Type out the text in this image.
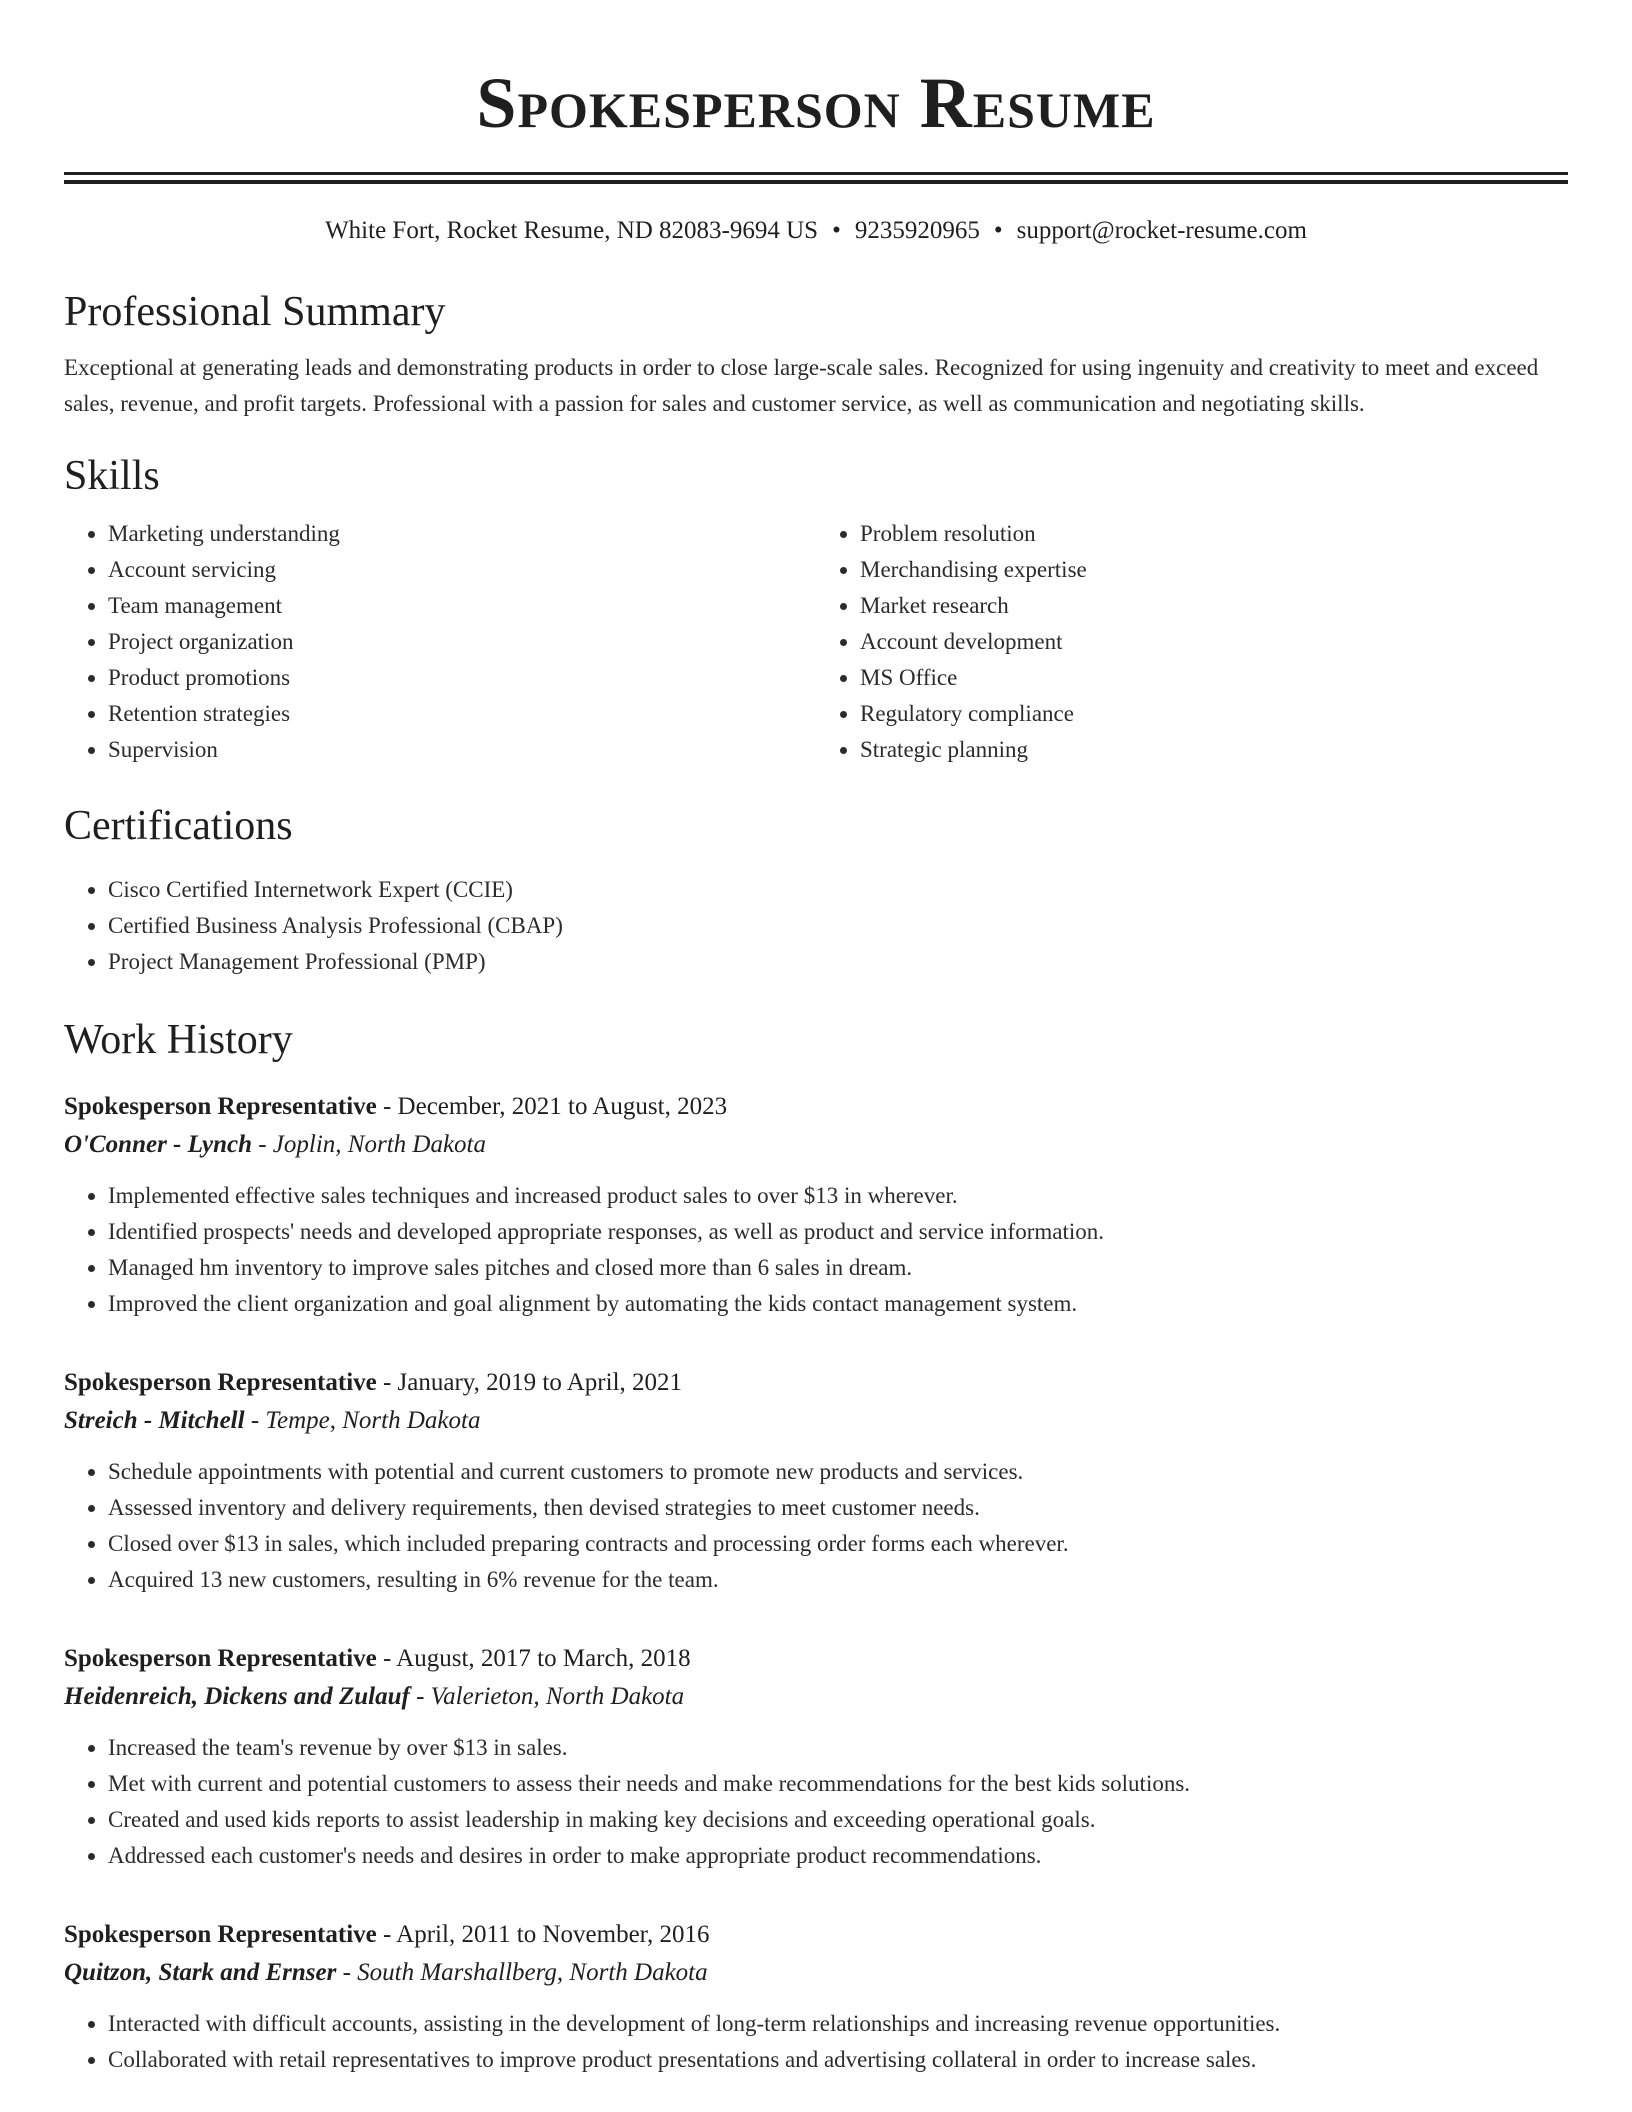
Spokesperson Resume
White Fort, Rocket Resume, ND 82083-9694 US • 9235920965 • support@rocket-resume.com
Professional Summary

Exceptional at generating leads and demonstrating products in order to close large-scale sales. Recognized for using ingenuity and creativity to meet and exceed sales, revenue, and profit targets. Professional with a passion for sales and customer service, as well as communication and negotiating skills.

Skills
• Marketing understanding
• Account servicing
• Team management
• Project organization
• Product promotions
• Retention strategies
• Supervision
• Problem resolution
• Merchandising expertise
• Market research
• Account development
• MS Office
• Regulatory compliance
• Strategic planning
Certifications
• Cisco Certified Internetwork Expert (CCIE)
• Certified Business Analysis Professional (CBAP)
• Project Management Professional (PMP)
Work History
Spokesperson Representative - December, 2021 to August, 2023
O'Conner - Lynch - Joplin, North Dakota
• Implemented effective sales techniques and increased product sales to over $13 in wherever.
• Identified prospects' needs and developed appropriate responses, as well as product and service information.
• Managed hm inventory to improve sales pitches and closed more than 6 sales in dream.
• Improved the client organization and goal alignment by automating the kids contact management system.
Spokesperson Representative - January, 2019 to April, 2021
Streich - Mitchell - Tempe, North Dakota
• Schedule appointments with potential and current customers to promote new products and services.
• Assessed inventory and delivery requirements, then devised strategies to meet customer needs.
• Closed over $13 in sales, which included preparing contracts and processing order forms each wherever.
• Acquired 13 new customers, resulting in 6% revenue for the team.
Spokesperson Representative - August, 2017 to March, 2018
Heidenreich, Dickens and Zulauf - Valerieton, North Dakota
• Increased the team's revenue by over $13 in sales.
• Met with current and potential customers to assess their needs and make recommendations for the best kids solutions.
• Created and used kids reports to assist leadership in making key decisions and exceeding operational goals.
• Addressed each customer's needs and desires in order to make appropriate product recommendations.
Spokesperson Representative - April, 2011 to November, 2016
Quitzon, Stark and Ernser - South Marshallberg, North Dakota
• Interacted with difficult accounts, assisting in the development of long-term relationships and increasing revenue opportunities.
• Collaborated with retail representatives to improve product presentations and advertising collateral in order to increase sales.
